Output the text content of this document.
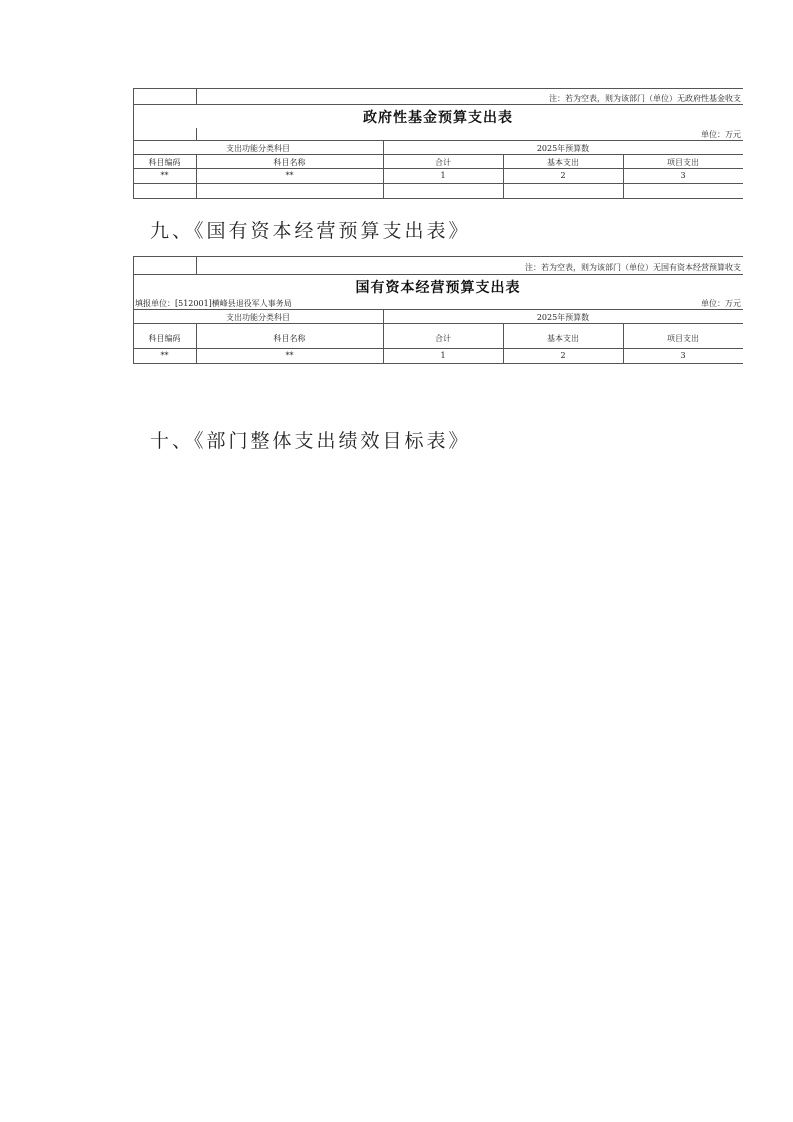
注：若为空表，则为该部门（单位）无政府性基金收支
政府性基金预算支出表
单位：万元
支出功能分类科目	2025年预算数
科目编码	科目名称	合计	基本支出	项目支出
**	**	1	2	3
九、《国有资本经营预算支出表》
注：若为空表，则为该部门（单位）无国有资本经营预算收支
国有资本经营预算支出表
填报单位：[512001]横峰县退役军人事务局	单位：万元
支出功能分类科目	2025年预算数
科目编码	科目名称	合计	基本支出	项目支出
**	**	1	2	3
十、《部门整体支出绩效目标表》
